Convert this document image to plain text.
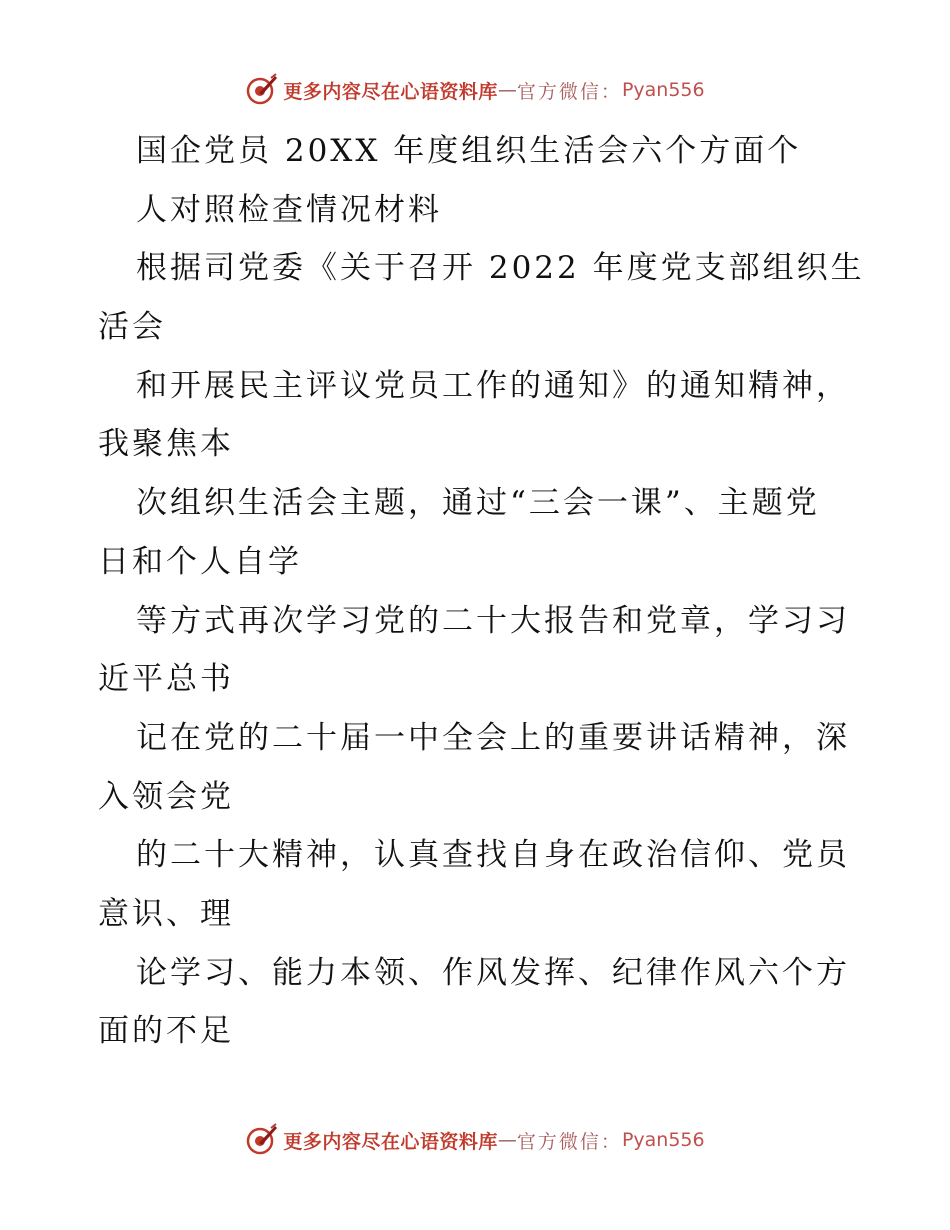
更多内容尽在心语资料库 — 官方微信： Pyan556
国企党员 20XX 年度组织生活会六个方面个
人对照检查情况材料
根据司党委《关于召开 2022 年度党支部组织生
活会
和开展民主评议党员工作的通知》的通知精神，
我聚焦本
次组织生活会主题，通过“三会一课”、主题党
日和个人自学
等方式再次学习党的二十大报告和党章，学习习
近平总书
记在党的二十届一中全会上的重要讲话精神，深
入领会党
的二十大精神，认真查找自身在政治信仰、党员
意识、理
论学习、能力本领、作风发挥、纪律作风六个方
面的不足
更多内容尽在心语资料库 — 官方微信： Pyan556
